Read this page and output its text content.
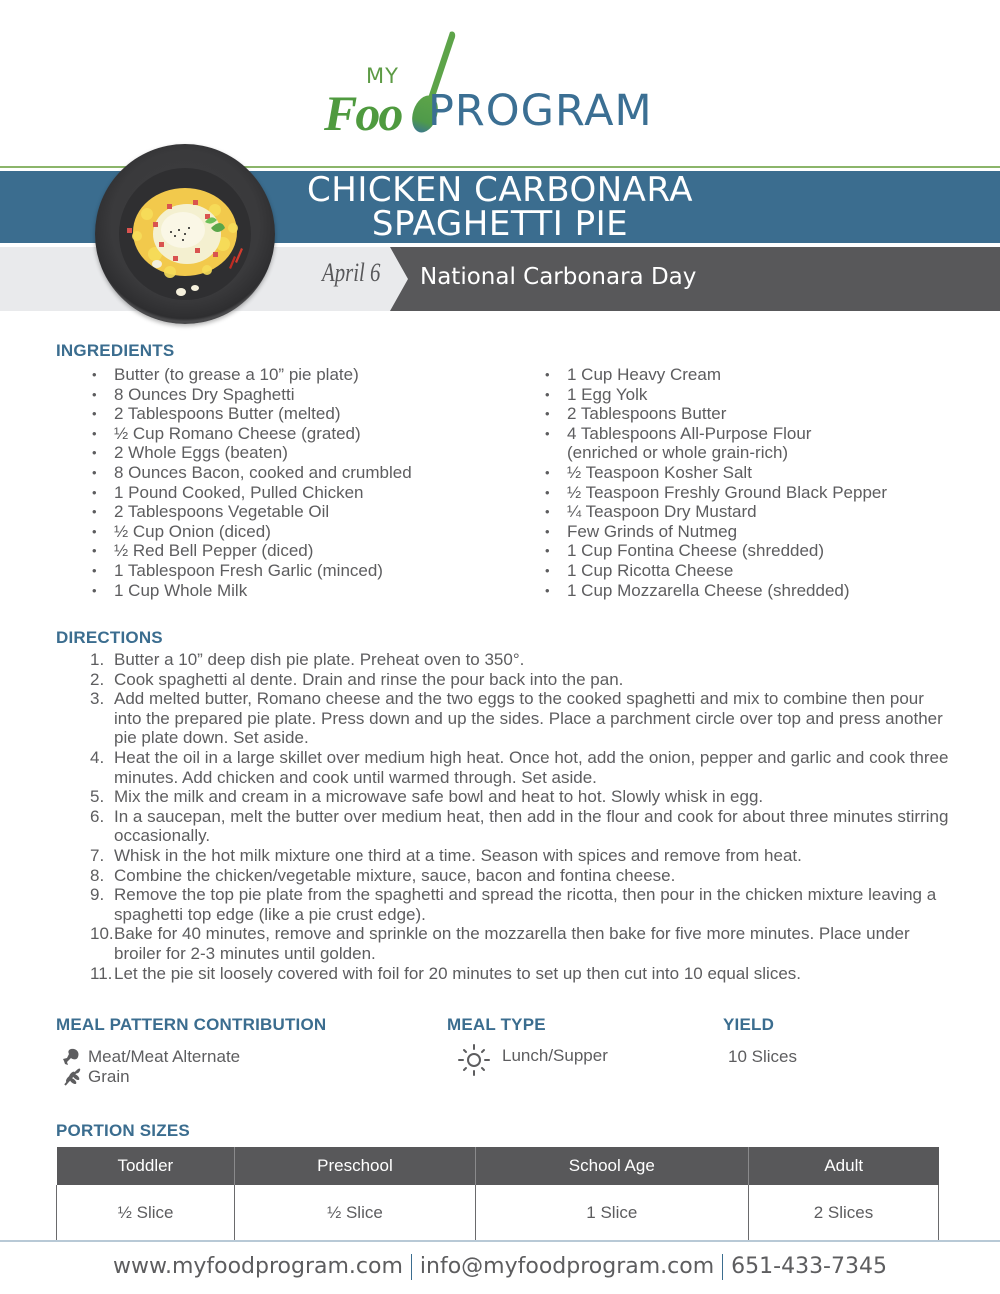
MY
Foo PROGRAM
CHICKEN CARBONARA
SPAGHETTI PIE
April 6 National Carbonara Day
INGREDIENTS
• Butter (to grease a 10” pie plate)
• 8 Ounces Dry Spaghetti
• 2 Tablespoons Butter (melted)
• ½ Cup Romano Cheese (grated)
• 2 Whole Eggs (beaten)
• 8 Ounces Bacon, cooked and crumbled
• 1 Pound Cooked, Pulled Chicken
• 2 Tablespoons Vegetable Oil
• ½ Cup Onion (diced)
• ½ Red Bell Pepper (diced)
• 1 Tablespoon Fresh Garlic (minced)
• 1 Cup Whole Milk
• 1 Cup Heavy Cream
• 1 Egg Yolk
• 2 Tablespoons Butter
• 4 Tablespoons All-Purpose Flour (enriched or whole grain-rich)
• ½ Teaspoon Kosher Salt
• ½ Teaspoon Freshly Ground Black Pepper
• ¼ Teaspoon Dry Mustard
• Few Grinds of Nutmeg
• 1 Cup Fontina Cheese (shredded)
• 1 Cup Ricotta Cheese
• 1 Cup Mozzarella Cheese (shredded)
DIRECTIONS
1. Butter a 10” deep dish pie plate. Preheat oven to 350°.
2. Cook spaghetti al dente. Drain and rinse the pour back into the pan.
3. Add melted butter, Romano cheese and the two eggs to the cooked spaghetti and mix to combine then pour into the prepared pie plate. Press down and up the sides. Place a parchment circle over top and press another pie plate down. Set aside.
4. Heat the oil in a large skillet over medium high heat. Once hot, add the onion, pepper and garlic and cook three minutes. Add chicken and cook until warmed through. Set aside.
5. Mix the milk and cream in a microwave safe bowl and heat to hot. Slowly whisk in egg.
6. In a saucepan, melt the butter over medium heat, then add in the flour and cook for about three minutes stirring occasionally.
7. Whisk in the hot milk mixture one third at a time. Season with spices and remove from heat.
8. Combine the chicken/vegetable mixture, sauce, bacon and fontina cheese.
9. Remove the top pie plate from the spaghetti and spread the ricotta, then pour in the chicken mixture leaving a spaghetti top edge (like a pie crust edge).
10. Bake for 40 minutes, remove and sprinkle on the mozzarella then bake for five more minutes. Place under broiler for 2-3 minutes until golden.
11. Let the pie sit loosely covered with foil for 20 minutes to set up then cut into 10 equal slices.
MEAL PATTERN CONTRIBUTION
Meat/Meat Alternate
Grain
MEAL TYPE
Lunch/Supper
YIELD
10 Slices
PORTION SIZES
Toddler	Preschool	School Age	Adult
½ Slice	½ Slice	1 Slice	2 Slices
www.myfoodprogram.com info@myfoodprogram.com 651-433-7345
